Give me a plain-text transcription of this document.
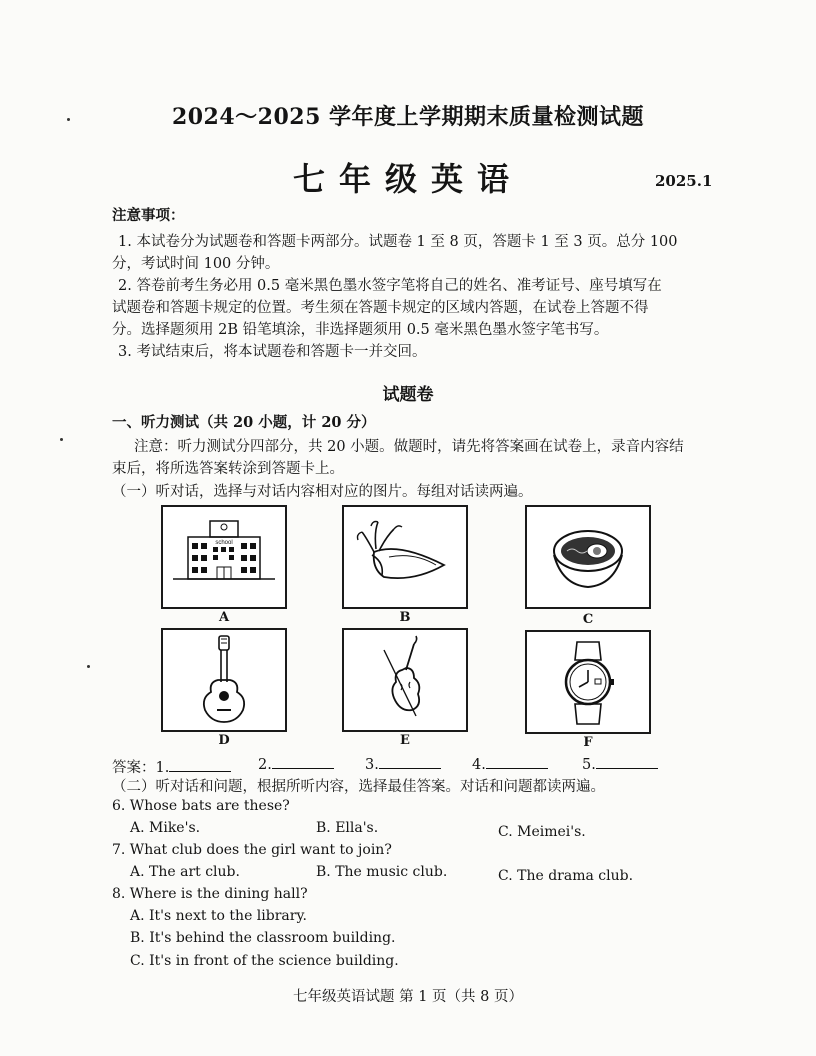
2024～2025 学年度上学期期末质量检测试题
七年级英语	2025.1
注意事项：
1. 本试卷分为试题卷和答题卡两部分。试题卷 1 至 8 页，答题卡 1 至 3 页。总分 100
分，考试时间 100 分钟。
2. 答卷前考生务必用 0.5 毫米黑色墨水签字笔将自己的姓名、准考证号、座号填写在
试题卷和答题卡规定的位置。考生须在答题卡规定的区域内答题，在试卷上答题不得
分。选择题须用 2B 铅笔填涂，非选择题须用 0.5 毫米黑色墨水签字笔书写。
3. 考试结束后，将本试题卷和答题卡一并交回。
试题卷
一、听力测试（共 20 小题，计 20 分）
注意：听力测试分四部分，共 20 小题。做题时，请先将答案画在试卷上，录音内容结
束后，将所选答案转涂到答题卡上。
（一）听对话，选择与对话内容相对应的图片。每组对话读两遍。
school
A	B	C
D	E	F
答案：1.	2.	3.	4.	5.
（二）听对话和问题，根据所听内容，选择最佳答案。对话和问题都读两遍。
6. Whose bats are these?
A. Mike's.	B. Ella's.	C. Meimei's.
7. What club does the girl want to join?
A. The art club.	B. The music club.	C. The drama club.
8. Where is the dining hall?
A. It's next to the library.
B. It's behind the classroom building.
C. It's in front of the science building.
七年级英语试题 第 1 页（共 8 页）
